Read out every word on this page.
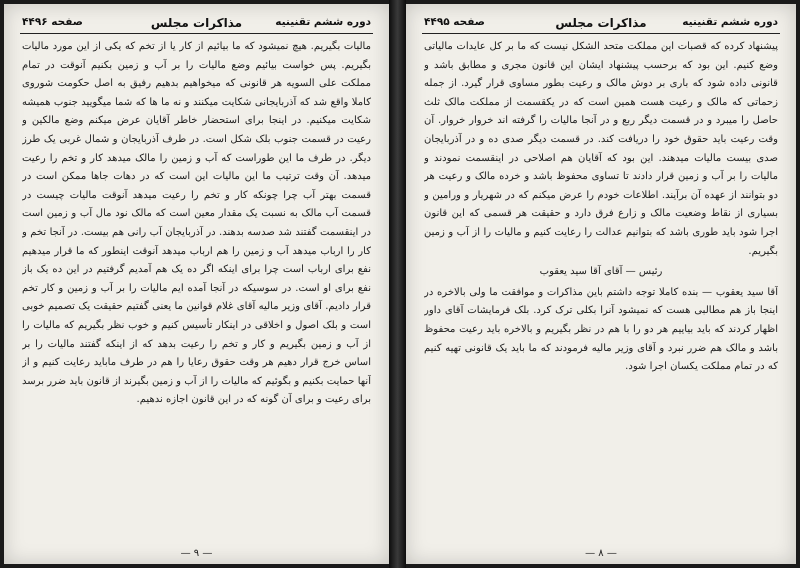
دوره ششم تقنينيه
مذاكرات مجلس
صفحه ۴۴۹۶

مالیات بگیریم. هیچ نمیشود که ما بیائیم از کار یا از تخم که یکی از این مورد مالیات بگیریم. پس خواست بیائیم وضع مالیات را بر آب و زمین بکنیم آنوقت در تمام مملکت علی السویه هر قانونی که میخواهیم بدهیم رفیق به اصل حکومت شوروی کاملا واقع شد که آذربایجانی شکایت میکنند و نه ما ها که شما میگویید جنوب همیشه شکایت میکنیم. در اینجا برای استحضار خاطر آقایان عرض میکنم وضع مالکین و رعیت در قسمت جنوب بلک شکل است. در طرف آذربایجان و شمال غربی یک طرز دیگر. در طرف ما این طوراست که آب و زمین را مالک میدهد کار و تخم را رعیت میدهد. آن وقت ترتیب ما این مالیات این است که در دهات جاها ممکن است در قسمت بهتر آب چرا چونکه کار و تخم را رعیت میدهد آنوقت مالیات چیست در قسمت آب مالک به نسبت یک مقدار معین است که مالک نود مال آب و زمین است در اینقسمت گفتند شد صدسه بدهند. در آذربایجان آب رانی هم بیست. در آنجا تخم و کار را ارباب میدهد آب و زمین را هم ارباب میدهد آنوقت اینطور که ما قرار میدهیم نفع برای ارباب است چرا برای اینکه اگر ده یک هم آمدیم گرفتیم در این ده یک باز نفع برای او است. در سوسیکه در آنجا آمده ایم مالیات را بر آب و زمین و کار تخم قرار دادیم. آقای وزیر مالیه آقای غلام قوانین ما یعنی گفتیم حقیقت یک تصمیم خوبی است و بلک اصول و اخلاقی در اینکار تأسیس کنیم و خوب نظر بگیریم که مالیات را از آب و زمین بگیریم و کار و تخم را رعیت بدهد که از اینکه گفتند مالیات را بر اساس خرج قرار دهیم هر وقت حقوق رعایا را هم در طرف ماباید رعایت کنیم و از آنها حمایت بکنیم و بگوئیم که مالیات را از آب و زمین بگیرند از قانون باید ضرر برسد برای رعیت و برای آن گونه که در این قانون اجازه ندهیم.

— ۹ —
دوره ششم تقنينيه
مذاكرات مجلس
صفحه ۴۴۹۵

پیشنهاد کرده که قصبات این مملکت متحد الشکل نیست که ما بر کل عایدات مالیاتی وضع کنیم. این بود که برحسب پیشنهاد ایشان این قانون مجری و مطابق باشد و قانونی داده شود که باری بر دوش مالک و رعیت بطور مساوی قرار گیرد. از جمله زحماتی که مالک و رعیت هست همین است که در یکقسمت از مملکت مالک ثلث حاصل را میبرد و در قسمت دیگر ربع و در آنجا مالیات را گرفته اند خروار خروار. آن وقت رعیت باید حقوق خود را دریافت کند. در قسمت دیگر صدی ده و در آذربایجان صدی بیست مالیات میدهند. این بود که آقایان هم اصلاحی در اینقسمت نمودند و مالیات را بر آب و زمین قرار دادند تا تساوی محفوظ باشد و خرده مالک و رعیت هر دو بتوانند از عهده آن برآیند. اطلاعات خودم را عرض میکنم که در شهریار و ورامین و بسیاری از نقاط وضعیت مالک و زارع فرق دارد و حقیقت هر قسمی که این قانون اجرا شود باید طوری باشد که بتوانیم عدالت را رعایت کنیم و مالیات را از آب و زمین بگیریم.

رئیس — آقای آقا سید یعقوب

آقا سید یعقوب — بنده کاملا توجه داشتم باین مذاکرات و موافقت ما ولی بالاخره در اینجا باز هم مطالبی هست که نمیشود آنرا بکلی ترک کرد. بلک فرمایشات آقای داور اظهار کردند که باید بیاییم هر دو را با هم در نظر بگیریم و بالاخره باید رعیت محفوظ باشد و مالک هم ضرر نبرد و آقای وزیر مالیه فرمودند که ما باید یک قانونی تهیه کنیم که در تمام مملکت یکسان اجرا شود.

— ۸ —
